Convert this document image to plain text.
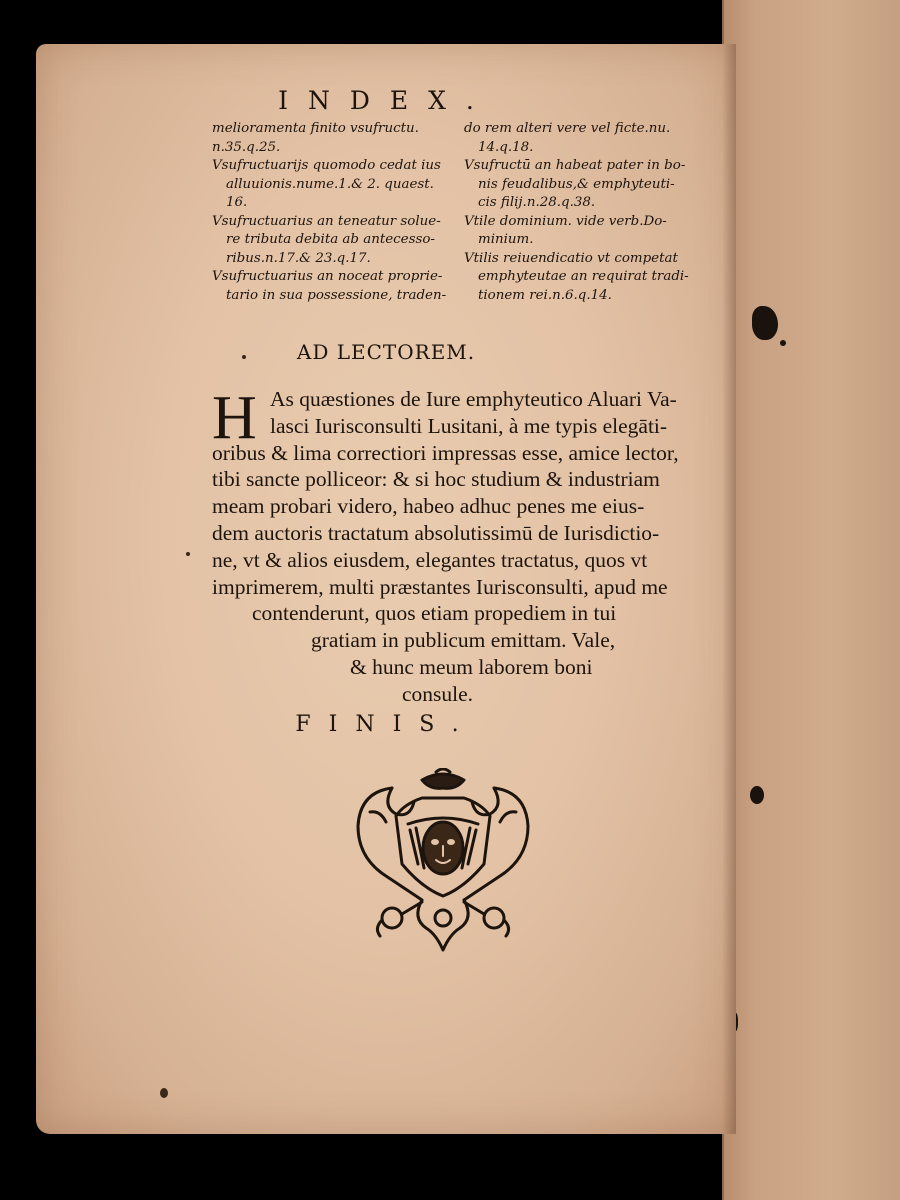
INDEX.
melioramenta finito vsufructu.
n.35.q.25.
Vsufructuarijs quomodo cedat ius
alluuionis.nume.1.& 2. quaest.
16.
Vsufructuarius an teneatur solue-
re tributa debita ab antecesso-
ribus.n.17.& 23.q.17.
Vsufructuarius an noceat proprie-
tario in sua possessione, traden-
do rem alteri vere vel ficte.nu.
14.q.18.
Vsufructū an habeat pater in bo-
nis feudalibus,& emphyteuti-
cis filij.n.28.q.38.
Vtile dominium. vide verb.Do-
minium.
Vtilis reiuendicatio vt competat
emphyteutae an requirat tradi-
tionem rei.n.6.q.14.
AD LECTOREM.
H As quæstiones de Iure emphyteutico Aluari Va-
lasci Iurisconsulti Lusitani, à me typis elegāti-
oribus & lima correctiori impressas esse, amice lector,
tibi sancte polliceor: & si hoc studium & industriam
meam probari videro, habeo adhuc penes me eius-
dem auctoris tractatum absolutissimū de Iurisdictio-
ne, vt & alios eiusdem, elegantes tractatus, quos vt
imprimerem, multi præstantes Iurisconsulti, apud me
contenderunt, quos etiam propediem in tui
gratiam in publicum emittam. Vale,
& hunc meum laborem boni
consule.
FINIS.
